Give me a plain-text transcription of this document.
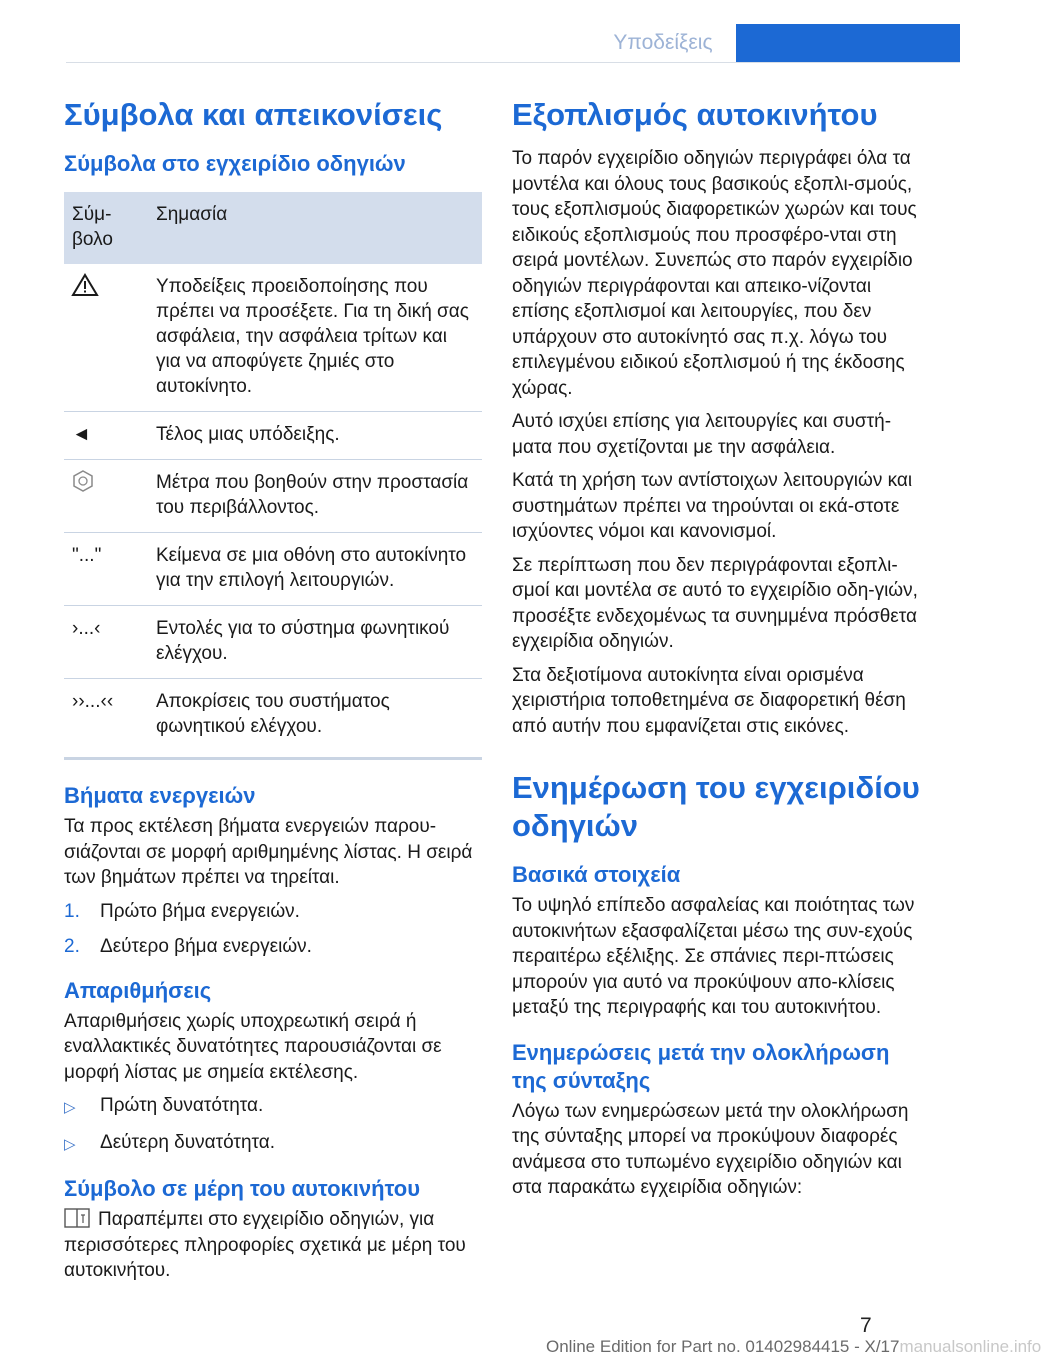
Υποδείξεις
Σύμβολα και απεικονίσεις
Σύμβολα στο εγχειρίδιο οδηγιών
Σύμ-
βολο	Σημασία
	Υποδείξεις προειδοποίησης που πρέπει να προσέξετε. Για τη δική σας ασφάλεια, την ασφάλεια τρίτων και για να αποφύγετε ζημιές στο αυτοκίνητο.
◄	Τέλος μιας υπόδειξης.
	Μέτρα που βοηθούν στην προστασία του περιβάλλοντος.
"..."	Κείμενα σε μια οθόνη στο αυτοκίνητο για την επιλογή λειτουργιών.
›...‹	Εντολές για το σύστημα φωνητικού ελέγχου.
››...‹‹	Αποκρίσεις του συστήματος φωνητικού ελέγχου.
Βήματα ενεργειών

Τα προς εκτέλεση βήματα ενεργειών παρου-σιάζονται σε μορφή αριθμημένης λίστας. Η σειρά των βημάτων πρέπει να τηρείται.

1.	Πρώτο βήμα ενεργειών.
2.	Δεύτερο βήμα ενεργειών.
Απαριθμήσεις

Απαριθμήσεις χωρίς υποχρεωτική σειρά ή εναλλακτικές δυνατότητες παρουσιάζονται σε μορφή λίστας με σημεία εκτέλεσης.

▷	Πρώτη δυνατότητα.
▷	Δεύτερη δυνατότητα.
Σύμβολο σε μέρη του αυτοκινήτου

Παραπέμπει στο εγχειρίδιο οδηγιών, για περισσότερες πληροφορίες σχετικά με μέρη του αυτοκινήτου.

Εξοπλισμός αυτοκινήτου

Το παρόν εγχειρίδιο οδηγιών περιγράφει όλα τα μοντέλα και όλους τους βασικούς εξοπλι-σμούς, τους εξοπλισμούς διαφορετικών χωρών και τους ειδικούς εξοπλισμούς που προσφέρο-νται στη σειρά μοντέλων. Συνεπώς στο παρόν εγχειρίδιο οδηγιών περιγράφονται και απεικο-νίζονται επίσης εξοπλισμοί και λειτουργίες, που δεν υπάρχουν στο αυτοκίνητό σας π.χ. λόγω του επιλεγμένου ειδικού εξοπλισμού ή της έκδοσης χώρας.

Αυτό ισχύει επίσης για λειτουργίες και συστή-ματα που σχετίζονται με την ασφάλεια.

Κατά τη χρήση των αντίστοιχων λειτουργιών και συστημάτων πρέπει να τηρούνται οι εκά-στοτε ισχύοντες νόμοι και κανονισμοί.

Σε περίπτωση που δεν περιγράφονται εξοπλι-σμοί και μοντέλα σε αυτό το εγχειρίδιο οδη-γιών, προσέξτε ενδεχομένως τα συνημμένα πρόσθετα εγχειρίδια οδηγιών.

Στα δεξιοτίμονα αυτοκίνητα είναι ορισμένα χειριστήρια τοποθετημένα σε διαφορετική θέση από αυτήν που εμφανίζεται στις εικόνες.

Ενημέρωση του εγχειριδίου οδηγιών
Βασικά στοιχεία

Το υψηλό επίπεδο ασφαλείας και ποιότητας των αυτοκινήτων εξασφαλίζεται μέσω της συν-εχούς περαιτέρω εξέλιξης. Σε σπάνιες περι-πτώσεις μπορούν για αυτό να προκύψουν απο-κλίσεις μεταξύ της περιγραφής και του αυτοκινήτου.

Ενημερώσεις μετά την ολοκλήρωση της σύνταξης

Λόγω των ενημερώσεων μετά την ολοκλήρωση της σύνταξης μπορεί να προκύψουν διαφορές ανάμεσα στο τυπωμένο εγχειρίδιο οδηγιών και στα παρακάτω εγχειρίδια οδηγιών:

7
Online Edition for Part no. 01402984415 - X/17manualsonline.info
